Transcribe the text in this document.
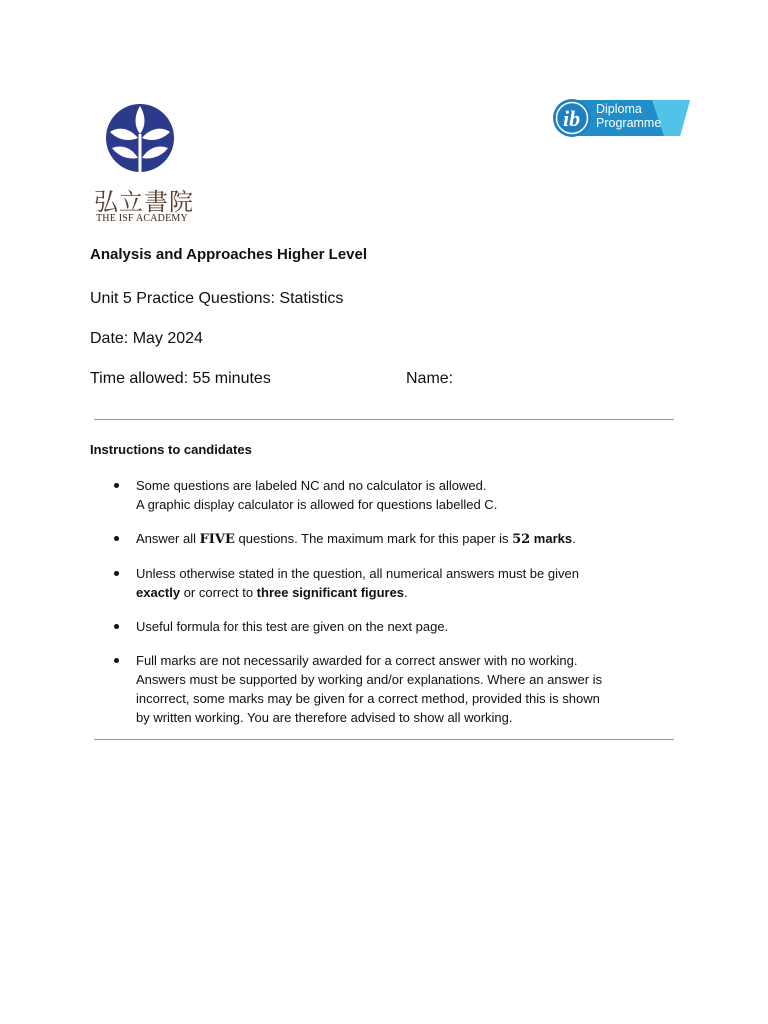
弘立書院
THE ISF ACADEMY
ib Diploma
Programme
Analysis and Approaches Higher Level
Unit 5 Practice Questions: Statistics
Date: May 2024
Time allowed: 55 minutes	Name:
Instructions to candidates
Some questions are labeled NC and no calculator is allowed.
A graphic display calculator is allowed for questions labelled C.
Answer all FIVE questions. The maximum mark for this paper is 52 marks.
Unless otherwise stated in the question, all numerical answers must be given
exactly or correct to three significant figures.
Useful formula for this test are given on the next page.
Full marks are not necessarily awarded for a correct answer with no working.
Answers must be supported by working and/or explanations. Where an answer is
incorrect, some marks may be given for a correct method, provided this is shown
by written working. You are therefore advised to show all working.
